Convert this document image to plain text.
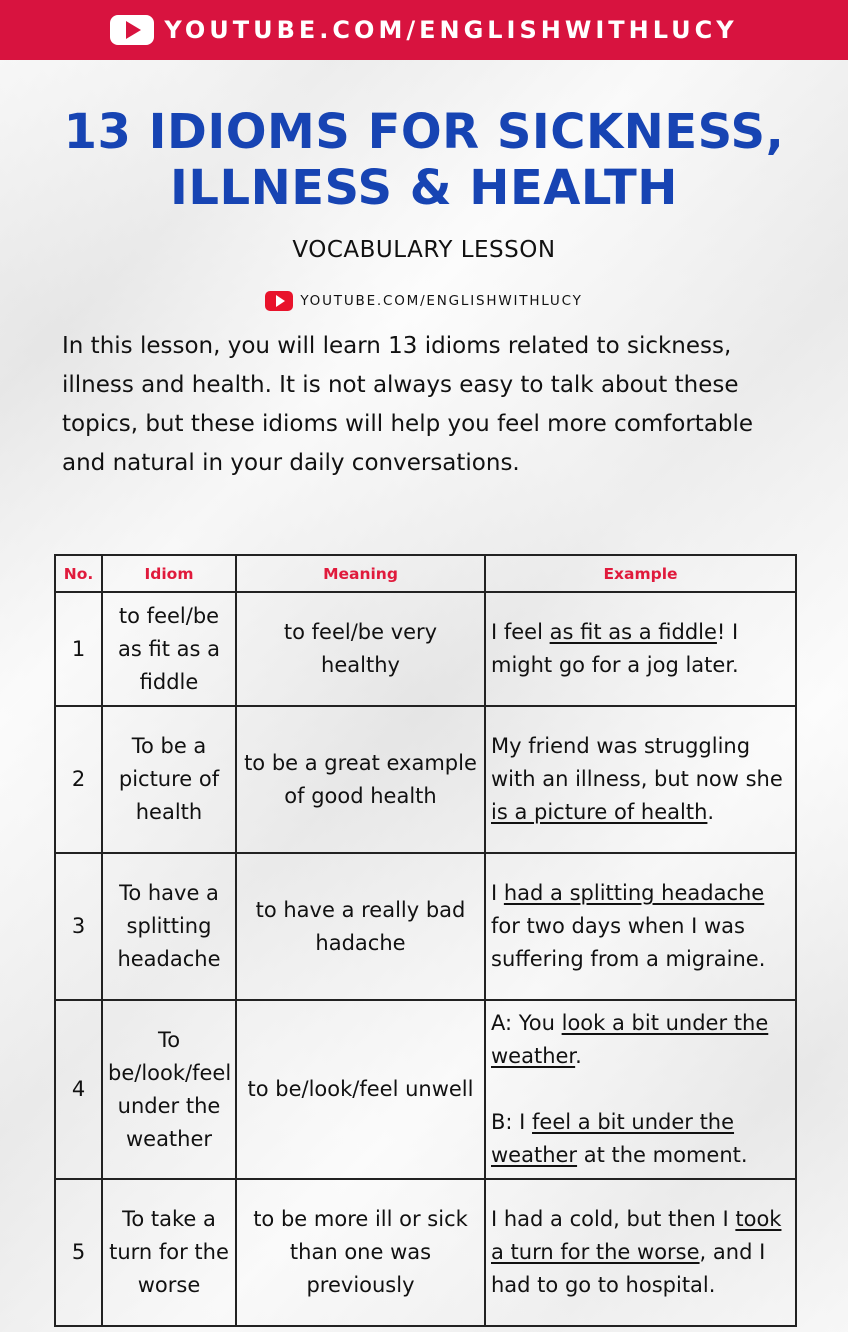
YOUTUBE.COM/ENGLISHWITHLUCY
13 IDIOMS FOR SICKNESS,
ILLNESS & HEALTH
VOCABULARY LESSON
YOUTUBE.COM/ENGLISHWITHLUCY
In this lesson, you will learn 13 idioms related to sickness, illness and health. It is not always easy to talk about these topics, but these idioms will help you feel more comfortable and natural in your daily conversations.
No.	Idiom	Meaning	Example
1	to feel/be as fit as a fiddle	to feel/be very healthy	I feel as fit as a fiddle! I might go for a jog later.
2	To be a picture of health	to be a great example of good health	My friend was struggling with an illness, but now she is a picture of health.
3	To have a splitting headache	to have a really bad hadache	I had a splitting headache for two days when I was suffering from a migraine.
4	To be/look/feel under the weather	to be/look/feel unwell	A: You look a bit under the weather.
B: I feel a bit under the weather at the moment.
5	To take a turn for the worse	to be more ill or sick than one was previously	I had a cold, but then I took a turn for the worse, and I had to go to hospital.
